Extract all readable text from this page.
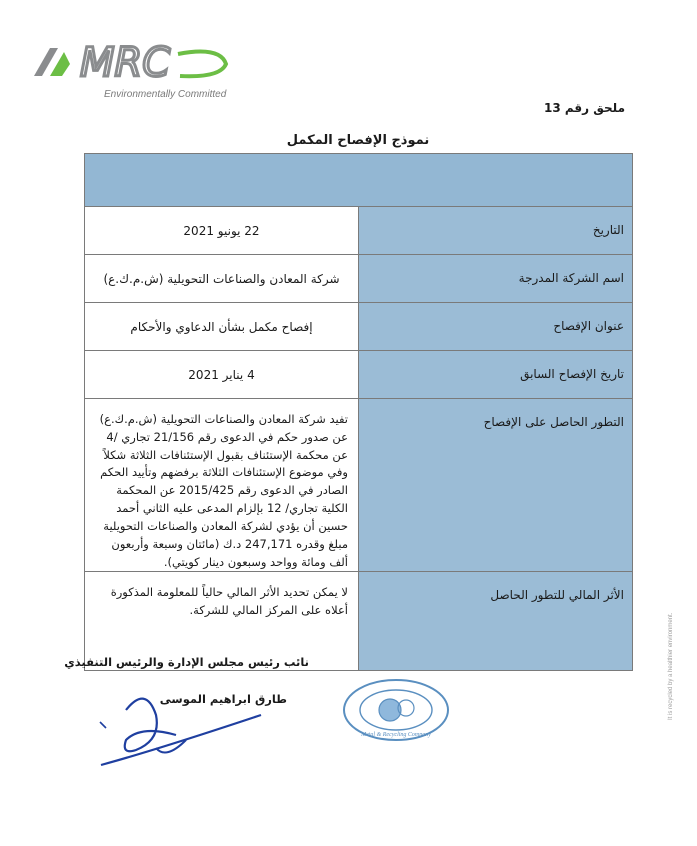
MRC
Environmentally Committed
ملحق رقم 13
نموذج الإفصاح المكمل

التاريخ	22 يونيو 2021
اسم الشركة المدرجة	شركة المعادن والصناعات التحويلية (ش.م.ك.ع)
عنوان الإفصاح	إفصاح مكمل بشأن الدعاوي والأحكام
تاريخ الإفصاح السابق	4 يناير 2021
التطور الحاصل على الإفصاح	تفيد شركة المعادن والصناعات التحويلية (ش.م.ك.ع) عن صدور حكم في الدعوى رقم 21/156 تجاري /4 عن محكمة الإستئناف بقبول الإستئنافات الثلاثة شكلاً وفي موضوع الإستئنافات الثلاثة برفضهم وتأييد الحكم الصادر في الدعوى رقم 2015/425 عن المحكمة الكلية تجاري/ 12 بإلزام المدعى عليه الثاني أحمد حسين أن يؤدي لشركة المعادن والصناعات التحويلية مبلغ وقدره 247,171 د.ك (مائتان وسبعة وأربعون ألف ومائة وواحد وسبعون دينار كويتي).
الأثر المالي للتطور الحاصل	لا يمكن تحديد الأثر المالي حالياً للمعلومة المذكورة أعلاه على المركز المالي للشركة.
نائب رئيس مجلس الإدارة والرئيس التنفيذي
طارق ابراهيم الموسى
Metal & Recycling Company
It is recycled by a healthier environment.
